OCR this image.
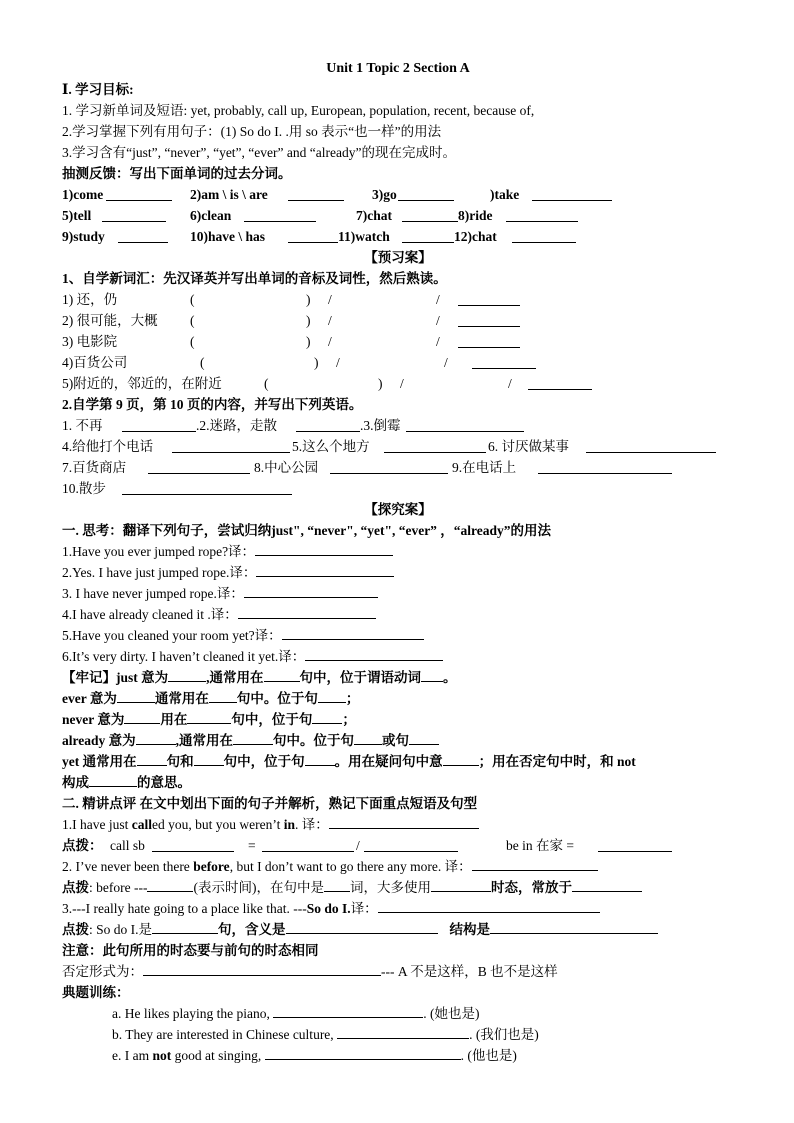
Unit 1 Topic 2 Section A
Ⅰ. 学习目标:
1. 学习新单词及短语: yet, probably, call up, European, population, recent, because of,
2.学习掌握下列有用句子：(1) So do I. .用 so 表示“也一样”的用法
3.学习含有“just”, “never”, “yet”, “ever” and “already”的现在完成时。
抽测反馈：写出下面单词的过去分词。
1)come	2)am \ is \ are	3)go	)take
5)tell	6)clean	7)chat	8)ride
9)study	10)have \ has	11)watch	12)chat
【预习案】
1、自学新词汇：先汉译英并写出单词的音标及词性，然后熟读。
1) 还，仍	(	) /	/
2) 很可能，大概 (	) /	/
3) 电影院	(	) /	/
4)百货公司	(	) /	/
5)附近的，邻近的，在附近	(	) /	/
2.自学第 9 页，第 10 页的内容，并写出下列英语。
1. 不再	.2.迷路，走散	.3.倒霉
4.给他打个电话	5.这么个地方	6. 讨厌做某事
7.百货商店	8.中心公园	9.在电话上
10.散步
【探究案】
一. 思考：翻译下列句子，尝试归纳just", “never", “yet", “ever” ，“already”的用法
1.Have you ever jumped rope?译：
2.Yes. I have just jumped rope.译：
3. I have never jumped rope.译：
4.I have already cleaned it .译：
5.Have you cleaned your room yet?译：
6.It’s very dirty. I haven’t cleaned it yet.译：
【牢记】just 意为	,通常用在	句中，位于谓语动词 。
ever 意为	通常用在 句中。位于句 ；
never 意为	用在	句中，位于句 ；
already 意为	,通常用在	句中。位于句 或句
yet 通常用在 句和 句中，位于句 。用在疑问句中意	；用在否定句中时，和 not
构成	的意思。
二. 精讲点评 在文中划出下面的句子并解析，熟记下面重点短语及句型
1.I have just called you, but you weren’t in. 译：
点拨： call sb	=	/	be in 在家 =
2. I’ve never been there before, but I don’t want to go there any more. 译：
点拨: before ---	(表示时间)，在句中是 词，大多使用	时态，常放于
3.---I really hate going to a place like that. ---So do I.译：
点拨: So do I.是	句，含义是	结构是
注意：此句所用的时态要与前句的时态相同
否定形式为：	--- A 不是这样，B 也不是这样
典题训练：
a. He likes playing the piano,	. (她也是)
b. They are interested in Chinese culture,	. (我们也是)
e. I am not good at singing,	. (他也是)
